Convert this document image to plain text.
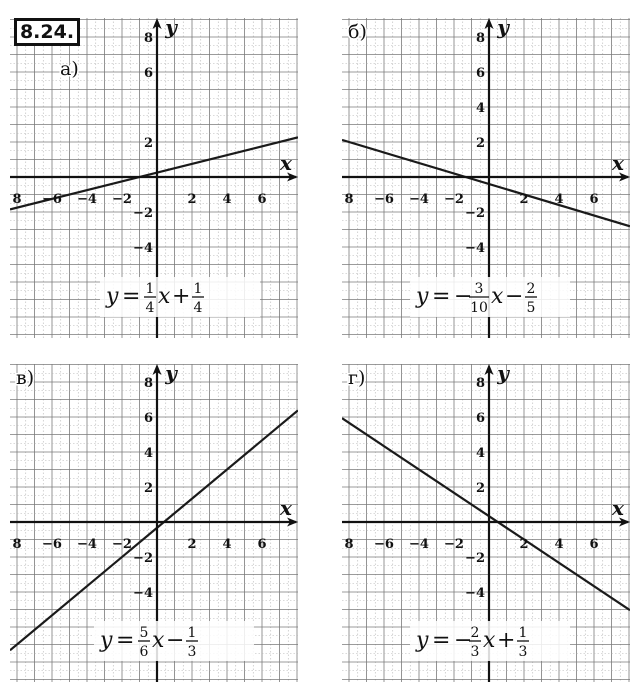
8 −6 −4 −2	2 4 6
8
6
2
−2
−4
x
y
а)
y = 1
4 x + 1
4
8 −6 −4 −2	2 4 6
8
6
4
2
−2
−4
x
y
б)
y = − 3
10 x − 2
5
8 −6 −4 −2	2 4 6
8
6
4
2
−2
−4
x
y
в)
y = 5
6 x − 1
3
8 −6 −4 −2	2 4 6
8
6
4
2
−2
−4
x
y
г)
y = −
2
3 x + 1
3
8.24.
